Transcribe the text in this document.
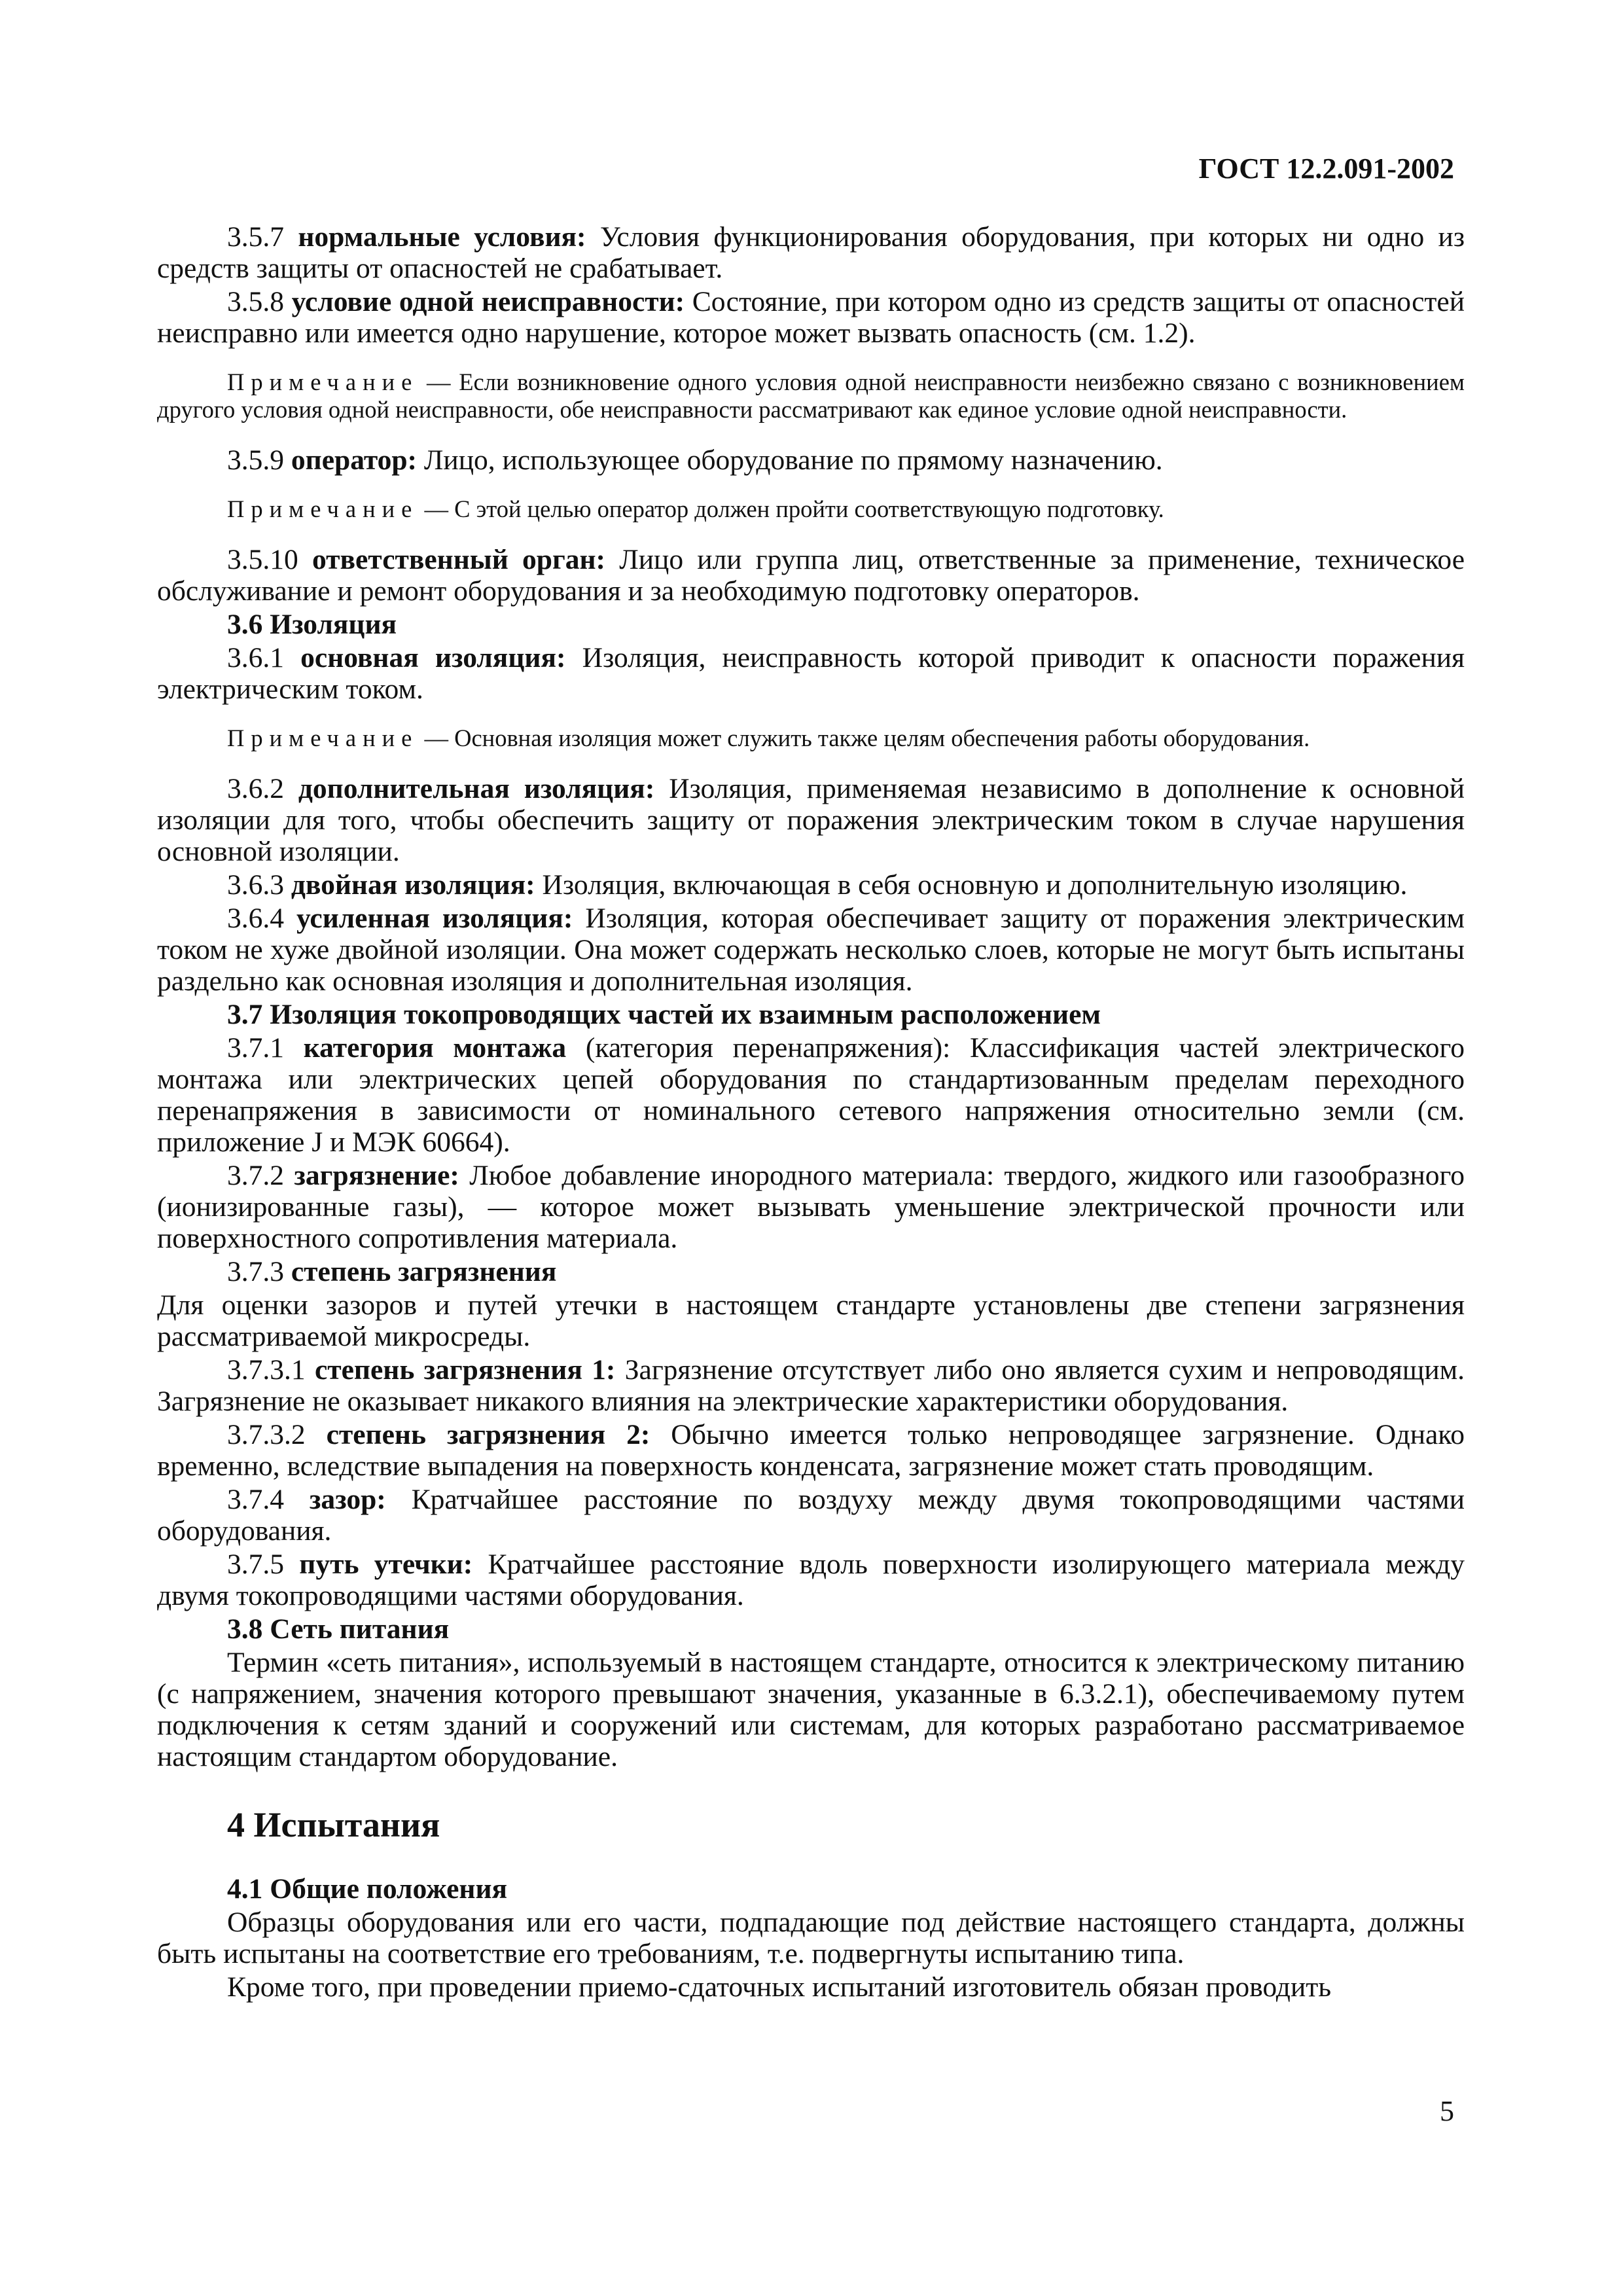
ГОСТ 12.2.091-2002

3.5.7 нормальные условия: Условия функционирования оборудования, при которых ни одно из средств защиты от опасностей не срабатывает.

3.5.8 условие одной неисправности: Состояние, при котором одно из средств защиты от опасностей неисправно или имеется одно нарушение, которое может вызвать опасность (см. 1.2).

Примечание — Если возникновение одного условия одной неисправности неизбежно связано с возникновением другого условия одной неисправности, обе неисправности рассматривают как единое условие одной неисправности.

3.5.9 оператор: Лицо, использующее оборудование по прямому назначению.

Примечание — С этой целью оператор должен пройти соответствующую подготовку.

3.5.10 ответственный орган: Лицо или группа лиц, ответственные за применение, техническое обслуживание и ремонт оборудования и за необходимую подготовку операторов.

3.6 Изоляция

3.6.1 основная изоляция: Изоляция, неисправность которой приводит к опасности поражения электрическим током.

Примечание — Основная изоляция может служить также целям обеспечения работы оборудования.

3.6.2 дополнительная изоляция: Изоляция, применяемая независимо в дополнение к основной изоляции для того, чтобы обеспечить защиту от поражения электрическим током в случае нарушения основной изоляции.

3.6.3 двойная изоляция: Изоляция, включающая в себя основную и дополнительную изоляцию.

3.6.4 усиленная изоляция: Изоляция, которая обеспечивает защиту от поражения электрическим током не хуже двойной изоляции. Она может содержать несколько слоев, которые не могут быть испытаны раздельно как основная изоляция и дополнительная изоляция.

3.7 Изоляция токопроводящих частей их взаимным расположением

3.7.1 категория монтажа (категория перенапряжения): Классификация частей электрического монтажа или электрических цепей оборудования по стандартизованным пределам переходного перенапряжения в зависимости от номинального сетевого напряжения относительно земли (см. приложение J и МЭК 60664).

3.7.2 загрязнение: Любое добавление инородного материала: твердого, жидкого или газообразного (ионизированные газы), — которое может вызывать уменьшение электрической прочности или поверхностного сопротивления материала.

3.7.3 степень загрязнения

Для оценки зазоров и путей утечки в настоящем стандарте установлены две степени загрязнения рассматриваемой микросреды.

3.7.3.1 степень загрязнения 1: Загрязнение отсутствует либо оно является сухим и непроводящим. Загрязнение не оказывает никакого влияния на электрические характеристики оборудования.

3.7.3.2 степень загрязнения 2: Обычно имеется только непроводящее загрязнение. Однако временно, вследствие выпадения на поверхность конденсата, загрязнение может стать проводящим.

3.7.4 зазор: Кратчайшее расстояние по воздуху между двумя токопроводящими частями оборудования.

3.7.5 путь утечки: Кратчайшее расстояние вдоль поверхности изолирующего материала между двумя токопроводящими частями оборудования.

3.8 Сеть питания

Термин «сеть питания», используемый в настоящем стандарте, относится к электрическому питанию (с напряжением, значения которого превышают значения, указанные в 6.3.2.1), обеспечиваемому путем подключения к сетям зданий и сооружений или системам, для которых разработано рассматриваемое настоящим стандартом оборудование.

4 Испытания

4.1 Общие положения

Образцы оборудования или его части, подпадающие под действие настоящего стандарта, должны быть испытаны на соответствие его требованиям, т.е. подвергнуты испытанию типа.

Кроме того, при проведении приемо-сдаточных испытаний изготовитель обязан проводить

5
